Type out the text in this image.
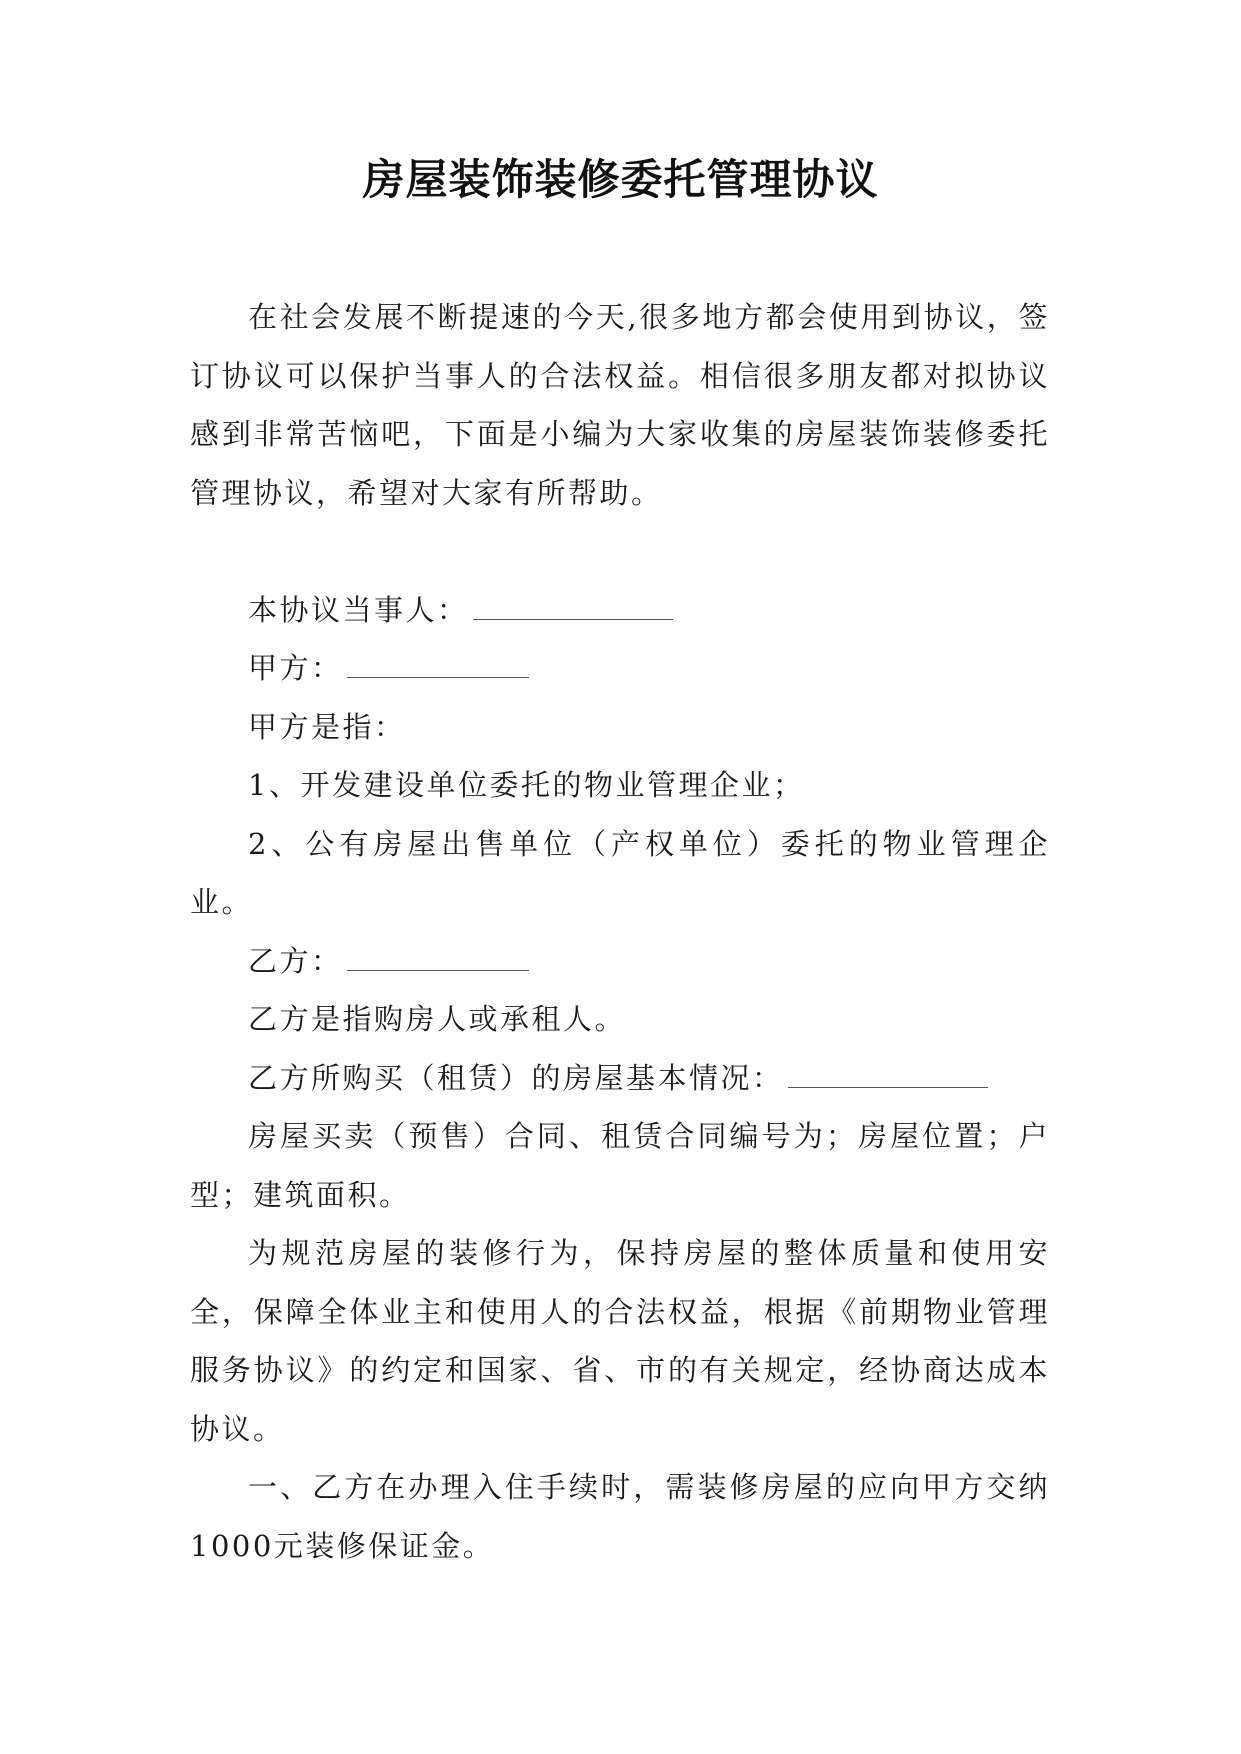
房屋装饰装修委托管理协议

在社会发展不断提速的今天,很多地方都会使用到协议，签订协议可以保护当事人的合法权益。相信很多朋友都对拟协议感到非常苦恼吧，下面是小编为大家收集的房屋装饰装修委托管理协议，希望对大家有所帮助。

本协议当事人：

甲方：

甲方是指：

1、开发建设单位委托的物业管理企业；

2、公有房屋出售单位（产权单位）委托的物业管理企业。

乙方：

乙方是指购房人或承租人。

乙方所购买（租赁）的房屋基本情况：

房屋买卖（预售）合同、租赁合同编号为；房屋位置；户型；建筑面积。

为规范房屋的装修行为，保持房屋的整体质量和使用安全，保障全体业主和使用人的合法权益，根据《前期物业管理服务协议》的约定和国家、省、市的有关规定，经协商达成本协议。

一、乙方在办理入住手续时，需装修房屋的应向甲方交纳1000元装修保证金。
